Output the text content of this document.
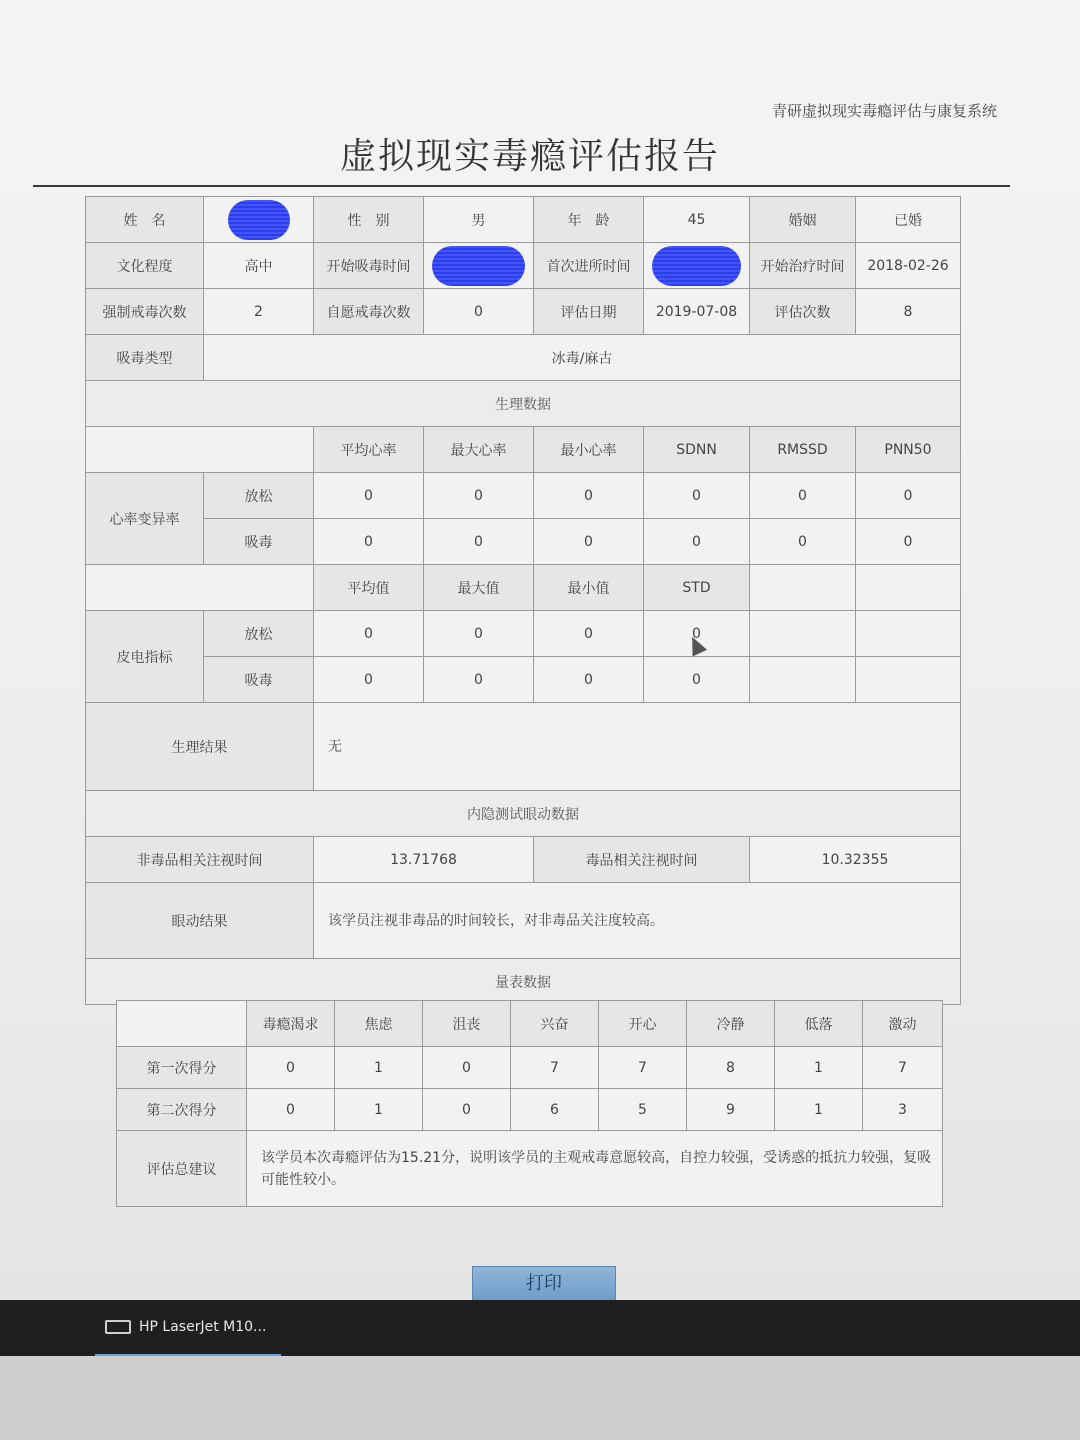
青研虚拟现实毒瘾评估与康复系统
虚拟现实毒瘾评估报告
姓　名		性　别	男	年　龄	45	婚姻	已婚
文化程度	高中	开始吸毒时间		首次进所时间		开始治疗时间	2018-02-26
强制戒毒次数	2	自愿戒毒次数	0	评估日期	2019-07-08	评估次数	8
吸毒类型	冰毒/麻古						
生理数据							
		平均心率	最大心率	最小心率	SDNN	RMSSD	PNN50
心率变异率	放松	0	0	0	0	0	0
	吸毒	0	0	0	0	0	0
		平均值	最大值	最小值	STD		
皮电指标	放松	0	0	0	0		
	吸毒	0	0	0	0		
生理结果		无					
内隐测试眼动数据							
非毒品相关注视时间		13.71768		毒品相关注视时间		10.32355	
眼动结果		该学员注视非毒品的时间较长，对非毒品关注度较高。					
量表数据							
	毒瘾渴求	焦虑	沮丧	兴奋	开心	冷静	低落	激动
第一次得分	0	1	0	7	7	8	1	7
第二次得分	0	1	0	6	5	9	1	3
评估总建议	该学员本次毒瘾评估为15.21分，说明该学员的主观戒毒意愿较高，自控力较强，受诱惑的抵抗力较强，复吸可能性较小。							
打印
HP LaserJet M10...
